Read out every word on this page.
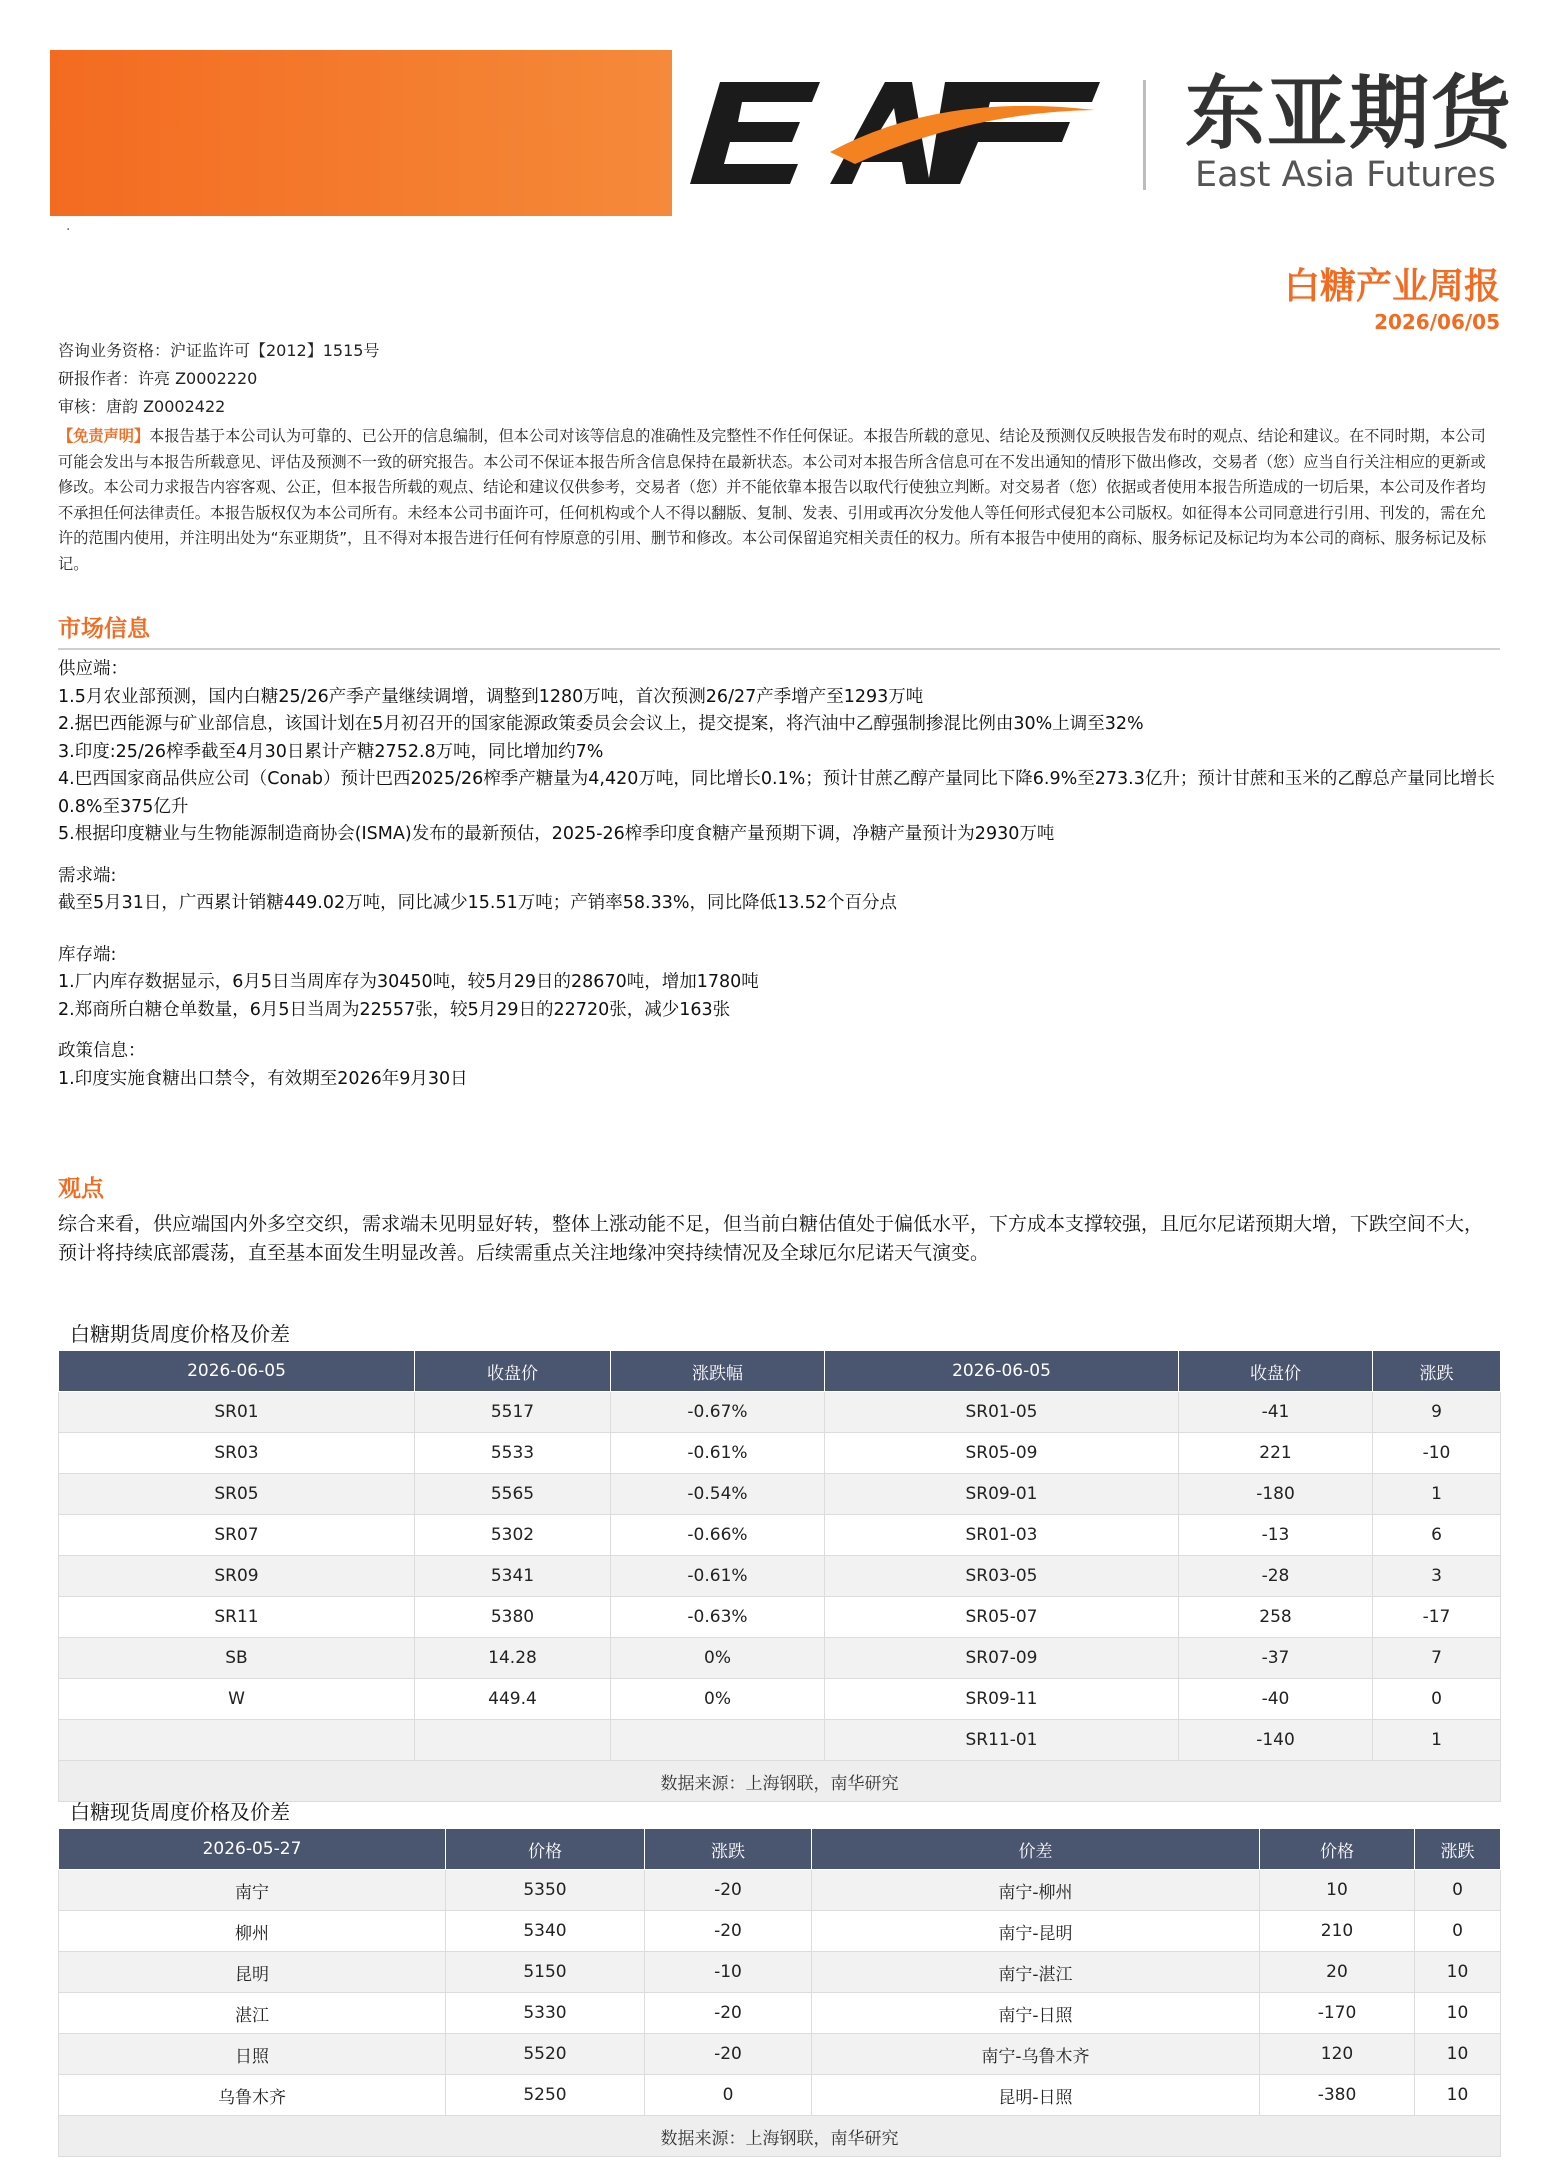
东亚期货
East Asia Futures
·
白糖产业周报
2026/06/05
咨询业务资格：沪证监许可【2012】1515号
研报作者：许亮 Z0002220
审核：唐韵 Z0002422
【免责声明】本报告基于本公司认为可靠的、已公开的信息编制，但本公司对该等信息的准确性及完整性不作任何保证。本报告所载的意见、结论及预测仅反映报告发布时的观点、结论和建议。在不同时期，本公司可能会发出与本报告所载意见、评估及预测不一致的研究报告。本公司不保证本报告所含信息保持在最新状态。本公司对本报告所含信息可在不发出通知的情形下做出修改，交易者（您）应当自行关注相应的更新或修改。本公司力求报告内容客观、公正，但本报告所载的观点、结论和建议仅供参考，交易者（您）并不能依靠本报告以取代行使独立判断。对交易者（您）依据或者使用本报告所造成的一切后果，本公司及作者均不承担任何法律责任。本报告版权仅为本公司所有。未经本公司书面许可，任何机构或个人不得以翻版、复制、发表、引用或再次分发他人等任何形式侵犯本公司版权。如征得本公司同意进行引用、刊发的，需在允许的范围内使用，并注明出处为“东亚期货”，且不得对本报告进行任何有悖原意的引用、删节和修改。本公司保留追究相关责任的权力。所有本报告中使用的商标、服务标记及标记均为本公司的商标、服务标记及标记。
市场信息

供应端：

1.5月农业部预测，国内白糖25/26产季产量继续调增，调整到1280万吨，首次预测26/27产季增产至1293万吨

2.据巴西能源与矿业部信息，该国计划在5月初召开的国家能源政策委员会会议上，提交提案，将汽油中乙醇强制掺混比例由30%上调至32%

3.印度:25/26榨季截至4月30日累计产糖2752.8万吨，同比增加约7%

4.巴西国家商品供应公司（Conab）预计巴西2025/26榨季产糖量为4,420万吨，同比增长0.1%；预计甘蔗乙醇产量同比下降6.9%至273.3亿升；预计甘蔗和玉米的乙醇总产量同比增长0.8%至375亿升

5.根据印度糖业与生物能源制造商协会(ISMA)发布的最新预估，2025-26榨季印度食糖产量预期下调，净糖产量预计为2930万吨

需求端:

截至5月31日，广西累计销糖449.02万吨，同比减少15.51万吨；产销率58.33%，同比降低13.52个百分点

库存端:

1.厂内库存数据显示，6月5日当周库存为30450吨，较5月29日的28670吨，增加1780吨

2.郑商所白糖仓单数量，6月5日当周为22557张，较5月29日的22720张，减少163张

政策信息：

1.印度实施食糖出口禁令，有效期至2026年9月30日

观点
综合来看，供应端国内外多空交织，需求端未见明显好转，整体上涨动能不足，但当前白糖估值处于偏低水平，下方成本支撑较强，且厄尔尼诺预期大增，下跌空间不大，预计将持续底部震荡，直至基本面发生明显改善。后续需重点关注地缘冲突持续情况及全球厄尔尼诺天气演变。
白糖期货周度价格及价差
2026-06-05	收盘价	涨跌幅	2026-06-05	收盘价	涨跌
SR01	5517	-0.67%	SR01-05	-41	9
SR03	5533	-0.61%	SR05-09	221	-10
SR05	5565	-0.54%	SR09-01	-180	1
SR07	5302	-0.66%	SR01-03	-13	6
SR09	5341	-0.61%	SR03-05	-28	3
SR11	5380	-0.63%	SR05-07	258	-17
SB	14.28	0%	SR07-09	-37	7
W	449.4	0%	SR09-11	-40	0
			SR11-01	-140	1
数据来源：上海钢联，南华研究					
白糖现货周度价格及价差
2026-05-27	价格	涨跌	价差	价格	涨跌
南宁	5350	-20	南宁-柳州	10	0
柳州	5340	-20	南宁-昆明	210	0
昆明	5150	-10	南宁-湛江	20	10
湛江	5330	-20	南宁-日照	-170	10
日照	5520	-20	南宁-乌鲁木齐	120	10
乌鲁木齐	5250	0	昆明-日照	-380	10
数据来源：上海钢联，南华研究					
